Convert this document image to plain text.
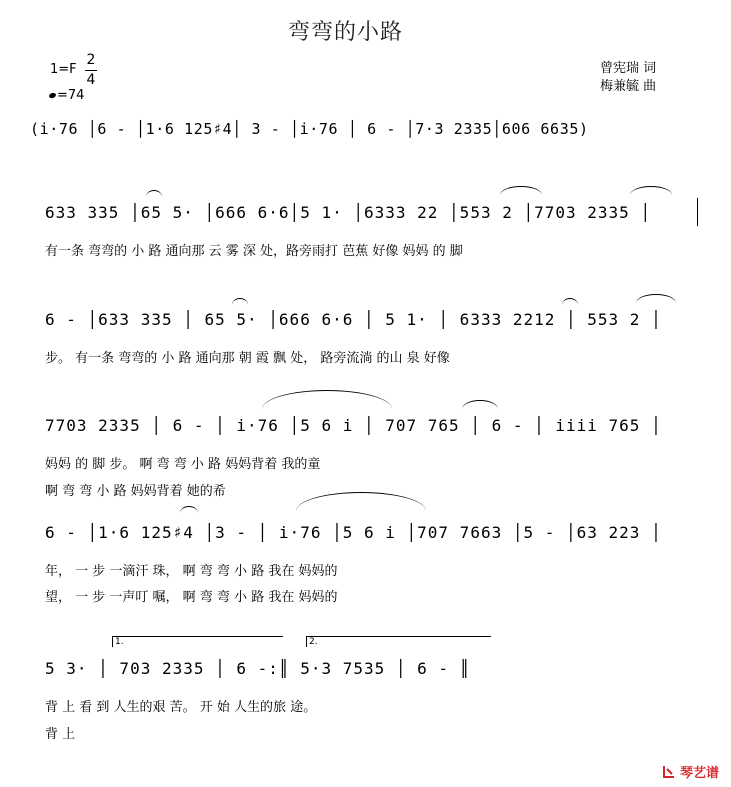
弯弯的小路
1=F
2
4
=74
曾宪瑞 词
梅兼毓 曲
(i·76 │6 - │1·6 125♯4│ 3 - │i·76 │ 6 - │7·3 2335│606 6635)
633 335 │65 5· │666 6·6│5 1· │6333 22 │553 2 │7703 2335 │
有一条 弯弯的 小 路 通向那 云 雾 深 处，路旁雨打 芭蕉 好像 妈妈 的 脚
6 - │633 335 │ 65 5· │666 6·6 │ 5 1· │ 6333 2212 │ 553 2 │
步。 有一条 弯弯的 小 路 通向那 朝 霞 飘 处， 路旁流淌 的山 泉 好像
7703 2335 │ 6 - │ i·76 │5 6 i │ 707 765 │ 6 - │ iiii 765 │
妈妈 的 脚 步。 啊 弯 弯 小 路 妈妈背着 我的童
啊 弯 弯 小 路 妈妈背着 她的希
6 - │1·6 125♯4 │3 - │ i·76 │5 6 i │707 7663 │5 - │63 223 │
年， 一 步 一滴汗 珠， 啊 弯 弯 小 路 我在 妈妈的
望， 一 步 一声叮 嘱， 啊 弯 弯 小 路 我在 妈妈的
1.	2.
5 3· │ 703 2335 │ 6 -:║ 5·3 7535 │ 6 - ║
背 上 看 到 人生的艰 苦。 开 始 人生的旅 途。
背 上
琴艺谱
